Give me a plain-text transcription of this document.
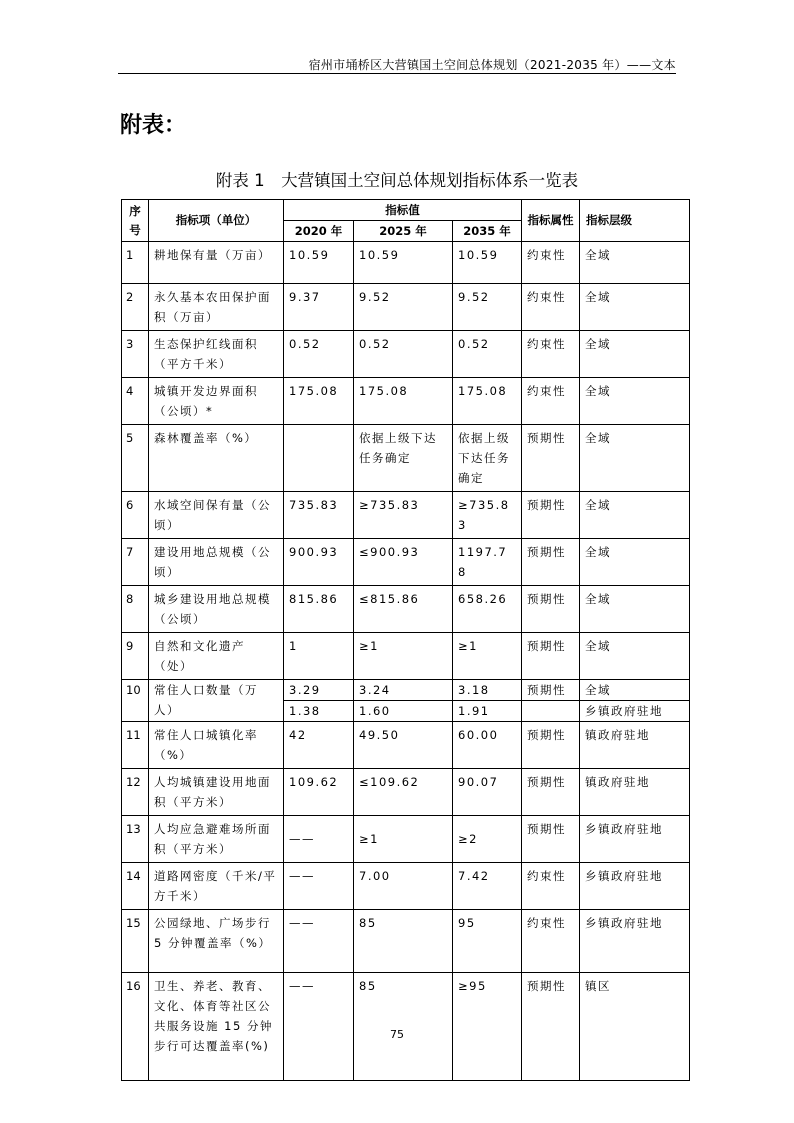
宿州市埇桥区大营镇国土空间总体规划（2021-2035 年）——文本
附表：
附表 1　大营镇国土空间总体规划指标体系一览表
序号	指标项（单位）	指标值			指标属性	指标层级
		2020 年	2025 年	2035 年		
1	耕地保有量（万亩）	10.59	10.59	10.59	约束性	全域
2	永久基本农田保护面积（万亩）	9.37	9.52	9.52	约束性	全域
3	生态保护红线面积（平方千米）	0.52	0.52	0.52	约束性	全域
4	城镇开发边界面积（公顷）*	175.08	175.08	175.08	约束性	全域
5	森林覆盖率（%）		依据上级下达任务确定	依据上级下达任务确定	预期性	全域
6	水域空间保有量（公顷）	735.83	≥735.83	≥735.83	预期性	全域
7	建设用地总规模（公顷）	900.93	≤900.93	1197.78	预期性	全域
8	城乡建设用地总规模（公顷）	815.86	≤815.86	658.26	预期性	全域
9	自然和文化遗产（处）	1	≥1	≥1	预期性	全域
10	常住人口数量（万人）	3.29	3.24	3.18	预期性	全域
		1.38	1.60	1.91		乡镇政府驻地
11	常住人口城镇化率（%）	42	49.50	60.00	预期性	镇政府驻地
12	人均城镇建设用地面积（平方米）	109.62	≤109.62	90.07	预期性	镇政府驻地
13	人均应急避难场所面积（平方米）	——	≥1	≥2	预期性	乡镇政府驻地
14	道路网密度（千米/平方千米）	——	7.00	7.42	约束性	乡镇政府驻地
15	公园绿地、广场步行 5 分钟覆盖率（%）	——	85	95	约束性	乡镇政府驻地
16	卫生、养老、教育、文化、体育等社区公共服务设施 15 分钟步行可达覆盖率(%)	——	85	≥95	预期性	镇区
75
